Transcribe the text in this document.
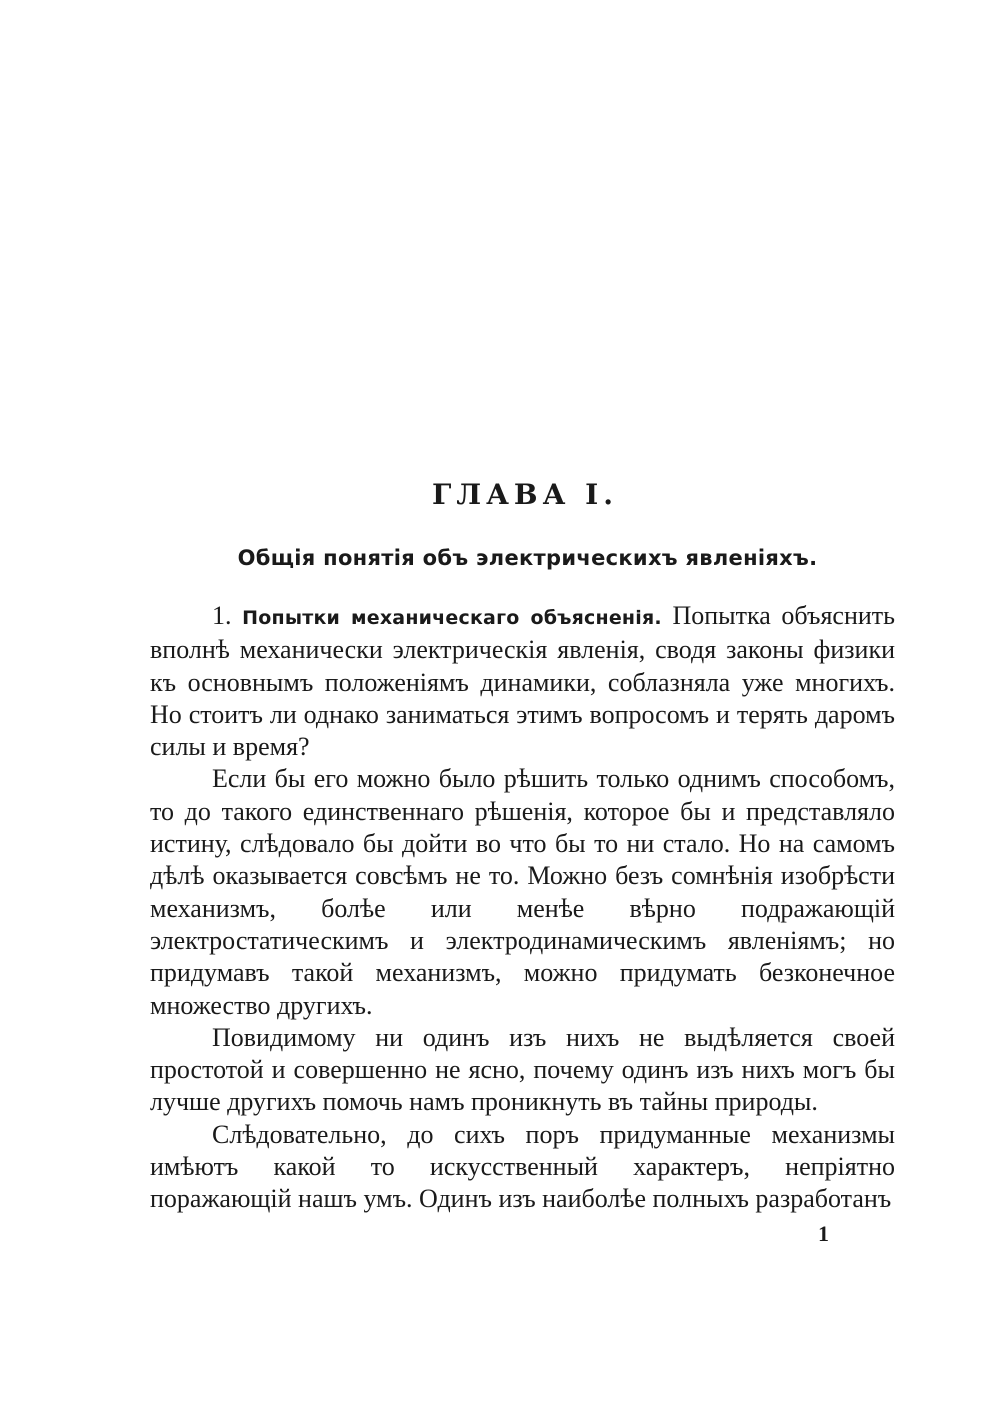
ГЛАВА I.
Общія понятія объ электрическихъ явленіяхъ.

1. Попытки механическаго объясненія. Попытка объяснить вполнѣ механически электрическія явленія, сводя законы физики къ основнымъ положеніямъ динамики, соблазняла уже многихъ. Но стоитъ ли однако заниматься этимъ вопросомъ и терять даромъ силы и время?

Если бы его можно было рѣшить только однимъ способомъ, то до такого единственнаго рѣшенія, которое бы и представляло истину, слѣдовало бы дойти во что бы то ни стало. Но на самомъ дѣлѣ оказывается совсѣмъ не то. Можно безъ сомнѣнія изобрѣсти механизмъ, болѣе или менѣе вѣрно подражающій электростатическимъ и электродинамическимъ явленіямъ; но придумавъ такой механизмъ, можно придумать безконечное множество другихъ.

Повидимому ни одинъ изъ нихъ не выдѣляется своей простотой и совершенно не ясно, почему одинъ изъ нихъ могъ бы лучше другихъ помочь намъ проникнуть въ тайны природы.

Слѣдовательно, до сихъ поръ придуманные механизмы имѣютъ какой то искусственный характеръ, непріятно поражающій нашъ умъ. Одинъ изъ наиболѣе полныхъ разработанъ

1
